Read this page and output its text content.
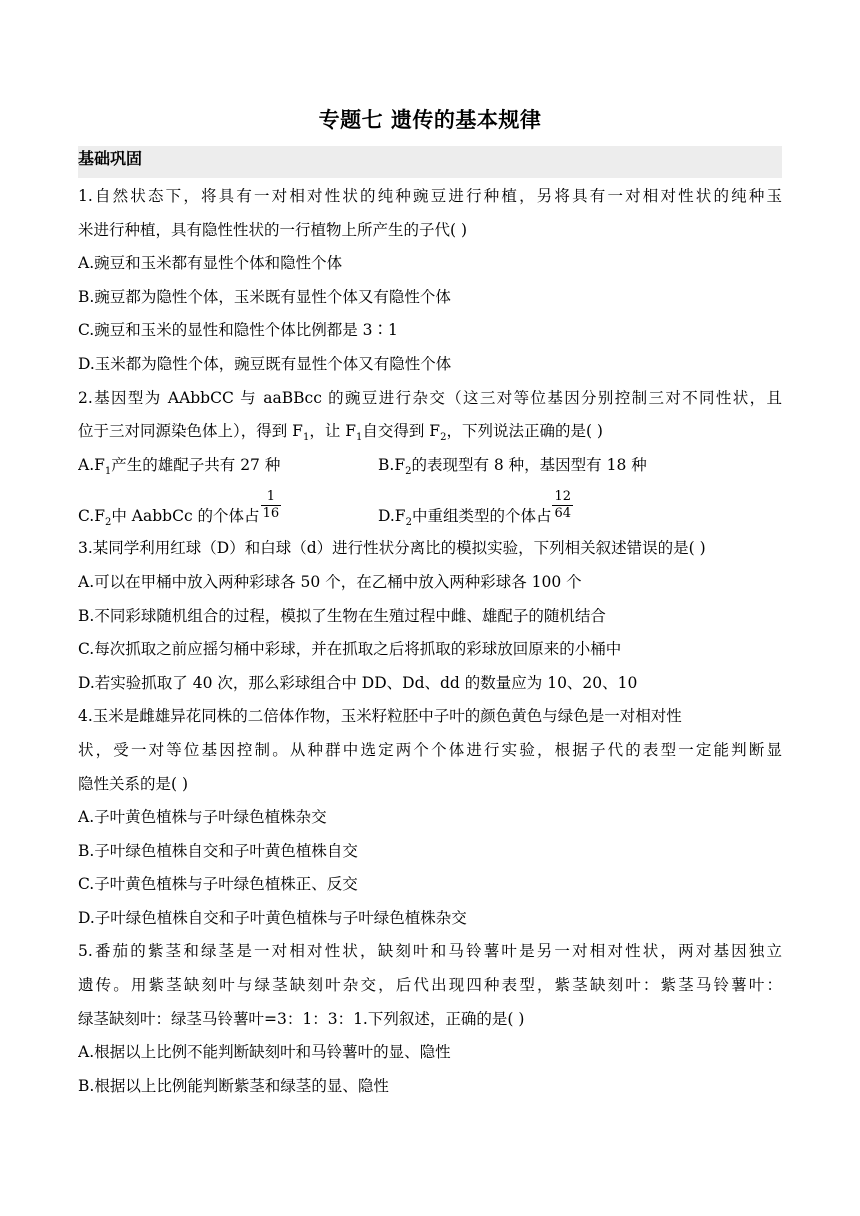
专题七 遗传的基本规律
基础巩固
1.自然状态下，将具有一对相对性状的纯种豌豆进行种植，另将具有一对相对性状的纯种玉
米进行种植，具有隐性性状的一行植物上所产生的子代( )
A.豌豆和玉米都有显性个体和隐性个体
B.豌豆都为隐性个体，玉米既有显性个体又有隐性个体
C.豌豆和玉米的显性和隐性个体比例都是 3∶1
D.玉米都为隐性个体，豌豆既有显性个体又有隐性个体
2.基因型为 AAbbCC 与 aaBBcc 的豌豆进行杂交（这三对等位基因分别控制三对不同性状，且
位于三对同源染色体上），得到 $F_1$，让 $F_1$自交得到 $F_2$，下列说法正确的是( )
$A.F_1$产生的雄配子共有 27 种	$B.F_2$的表现型有 8 种，基因型有 18 种
$C.F_2$中 AabbCc 的个体占 $\frac{1}{16}$	$D.F_2$中重组类型的个体占 $\frac{12}{64}$
3.某同学利用红球（D）和白球（d）进行性状分离比的模拟实验，下列相关叙述错误的是( )
A.可以在甲桶中放入两种彩球各 50 个，在乙桶中放入两种彩球各 100 个
B.不同彩球随机组合的过程，模拟了生物在生殖过程中雌、雄配子的随机结合
C.每次抓取之前应摇匀桶中彩球，并在抓取之后将抓取的彩球放回原来的小桶中
D.若实验抓取了 40 次，那么彩球组合中 DD、Dd、dd 的数量应为 10、20、10
4.玉米是雌雄异花同株的二倍体作物，玉米籽粒胚中子叶的颜色黄色与绿色是一对相对性
状，受一对等位基因控制。从种群中选定两个个体进行实验，根据子代的表型一定能判断显
隐性关系的是( )
A.子叶黄色植株与子叶绿色植株杂交
B.子叶绿色植株自交和子叶黄色植株自交
C.子叶黄色植株与子叶绿色植株正、反交
D.子叶绿色植株自交和子叶黄色植株与子叶绿色植株杂交
5.番茄的紫茎和绿茎是一对相对性状，缺刻叶和马铃薯叶是另一对相对性状，两对基因独立
遗传。用紫茎缺刻叶与绿茎缺刻叶杂交，后代出现四种表型，紫茎缺刻叶：紫茎马铃薯叶：
绿茎缺刻叶：绿茎马铃薯叶=3：1：3：1.下列叙述，正确的是( )
A.根据以上比例不能判断缺刻叶和马铃薯叶的显、隐性
B.根据以上比例能判断紫茎和绿茎的显、隐性
